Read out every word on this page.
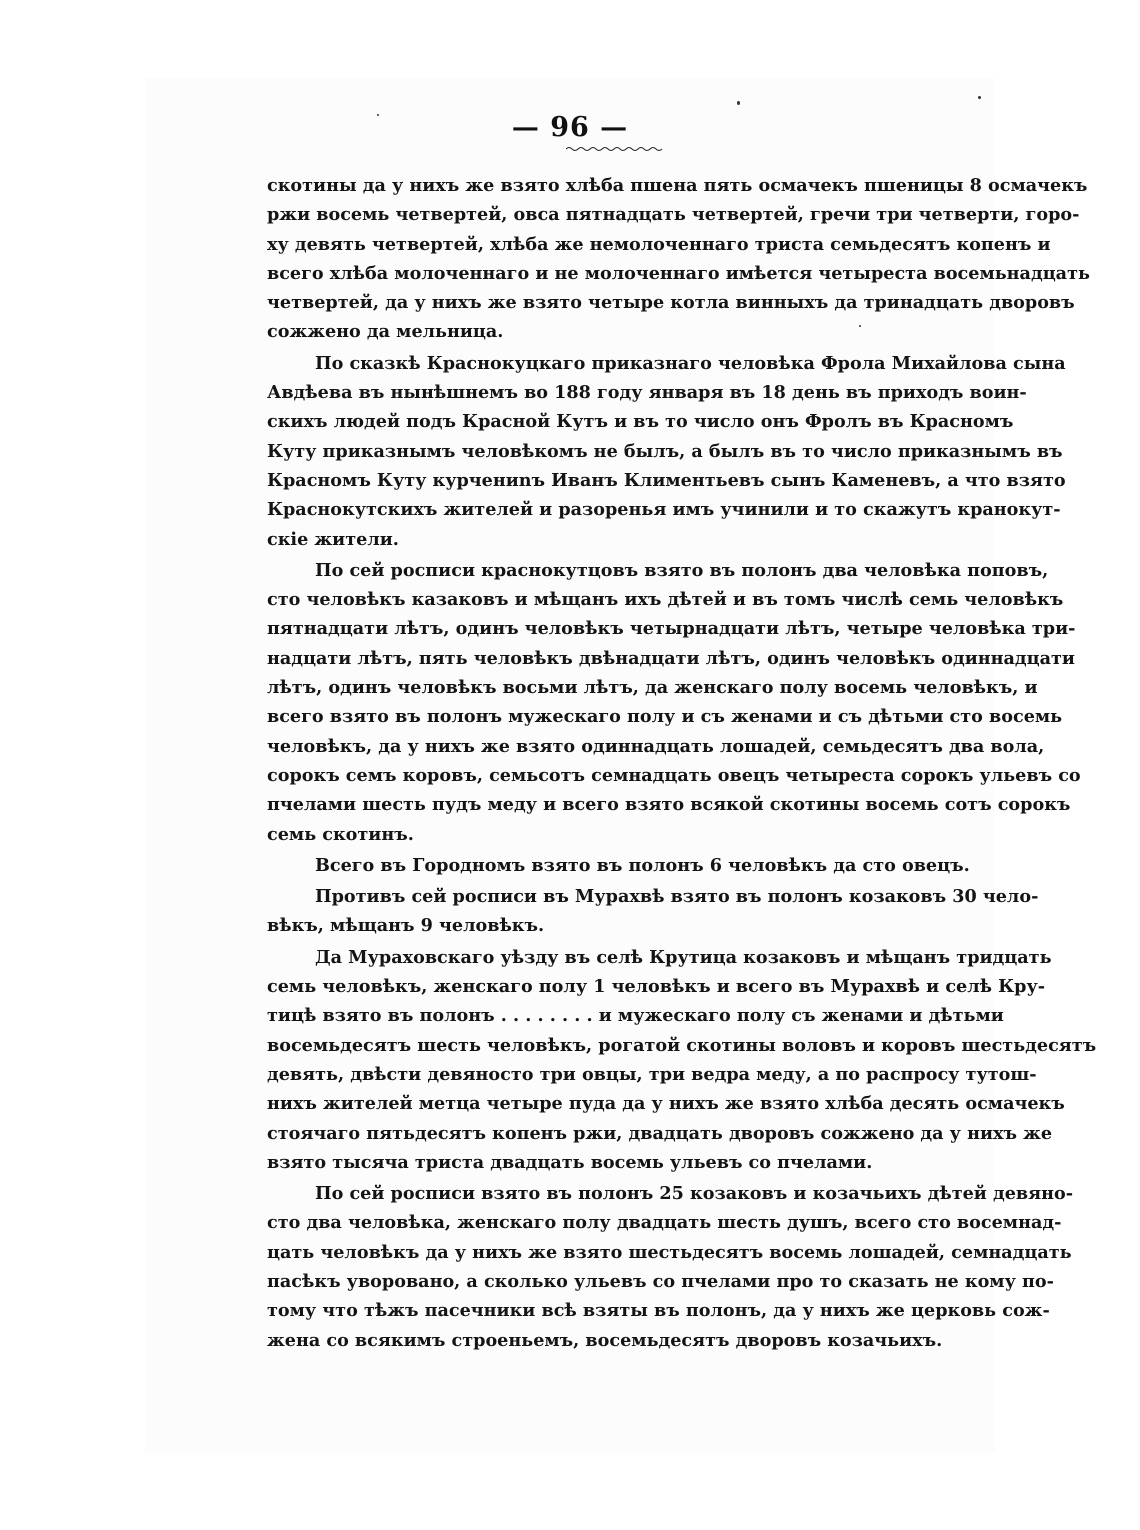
— 96 —
скотины да у нихъ же взято хлѣба пшена пять осмачекъ пшеницы 8 осмачекъ
ржи восемь четвертей, овса пятнадцать четвертей, гречи три четверти, горо-
ху девять четвертей, хлѣба же немолоченнаго триста семьдесятъ копенъ и
всего хлѣба молоченнаго и не молоченнаго имѣется четыреста восемьнадцать
четвертей, да у нихъ же взято четыре котла винныхъ да тринадцать дворовъ
сожжено да мельница.
По сказкѣ Краснокуцкаго приказнаго человѣка Фрола Михайлова сына
Авдѣева въ нынѣшнемъ во 188 году января въ 18 день въ приходъ воин-
скихъ людей подъ Красной Кутъ и въ то число онъ Фролъ въ Красномъ
Куту приказнымъ человѣкомъ не былъ, а былъ въ то число приказнымъ въ
Красномъ Куту курчениnъ Иванъ Климентьевъ сынъ Каменевъ, а что взято
Краснокутскихъ жителей и разоренья имъ учинили и то скажутъ кранокут-
скіе жители.
По сей росписи краснокутцовъ взято въ полонъ два человѣка поповъ,
сто человѣкъ казаковъ и мѣщанъ ихъ дѣтей и въ томъ числѣ семь человѣкъ
пятнадцати лѣтъ, одинъ человѣкъ четырнадцати лѣтъ, четыре человѣка три-
надцати лѣтъ, пять человѣкъ двѣнадцати лѣтъ, одинъ человѣкъ одиннадцати
лѣтъ, одинъ человѣкъ восьми лѣтъ, да женскаго полу восемь человѣкъ, и
всего взято въ полонъ мужескаго полу и съ женами и съ дѣтьми сто восемь
человѣкъ, да у нихъ же взято одиннадцать лошадей, семьдесятъ два вола,
сорокъ семъ коровъ, семьсотъ семнадцать овецъ четыреста сорокъ ульевъ со
пчелами шесть пудъ меду и всего взято всякой скотины восемь сотъ сорокъ
семь скотинъ.
Всего въ Городномъ взято въ полонъ 6 человѣкъ да сто овецъ.
Противъ сей росписи въ Мурахвѣ взято въ полонъ козаковъ 30 чело-
вѣкъ, мѣщанъ 9 человѣкъ.
Да Мураховскаго уѣзду въ селѣ Крутица козаковъ и мѣщанъ тридцать
семь человѣкъ, женскаго полу 1 человѣкъ и всего въ Мурахвѣ и селѣ Кру-
тицѣ взято въ полонъ . . . . . . . . и мужескаго полу съ женами и дѣтьми
восемьдесятъ шесть человѣкъ, рогатой скотины воловъ и коровъ шестьдесятъ
девять, двѣсти девяносто три овцы, три ведра меду, а по распросу тутош-
нихъ жителей метца четыре пуда да у нихъ же взято хлѣба десять осмачекъ
стоячаго пятьдесятъ копенъ ржи, двадцать дворовъ сожжено да у нихъ же
взято тысяча триста двадцать восемь ульевъ со пчелами.
По сей росписи взято въ полонъ 25 козаковъ и козачьихъ дѣтей девяно-
сто два человѣка, женскаго полу двадцать шесть душъ, всего сто восемнад-
цать человѣкъ да у нихъ же взято шестьдесятъ восемь лошадей, семнадцать
пасѣкъ уворовано, а сколько ульевъ со пчелами про то сказать не кому по-
тому что тѣжъ пасечники всѣ взяты въ полонъ, да у нихъ же церковь сож-
жена со всякимъ строеньемъ, восемьдесятъ дворовъ козачьихъ.
